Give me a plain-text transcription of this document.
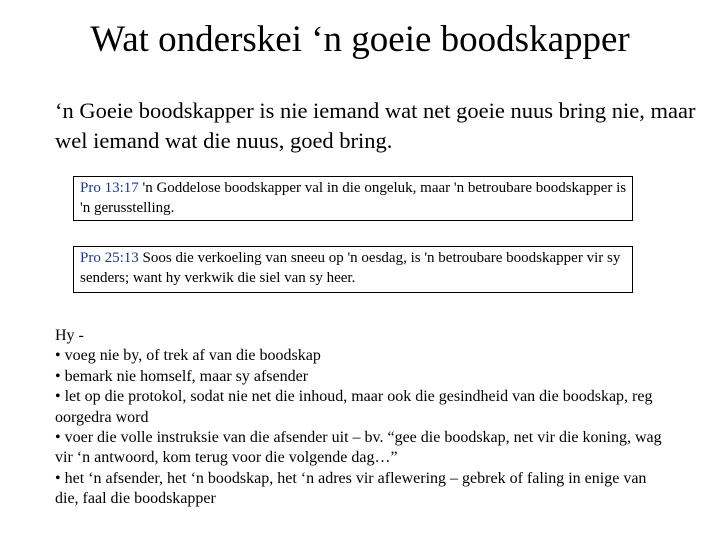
Wat onderskei ‘n goeie boodskapper
‘n Goeie boodskapper is nie iemand wat net goeie nuus bring nie, maar wel iemand wat die nuus, goed bring.
Pro 13:17 'n Goddelose boodskapper val in die ongeluk, maar 'n betroubare boodskapper is 'n gerusstelling.
Pro 25:13 Soos die verkoeling van sneeu op 'n oesdag, is 'n betroubare boodskapper vir sy senders; want hy verkwik die siel van sy heer.
Hy -
• voeg nie by, of trek af van die boodskap
• bemark nie homself, maar sy afsender
• let op die protokol, sodat nie net die inhoud, maar ook die gesindheid van die boodskap, reg oorgedra word
• voer die volle instruksie van die afsender uit – bv. “gee die boodskap, net vir die koning, wag vir ‘n antwoord, kom terug voor die volgende dag…”
• het ‘n afsender, het ‘n boodskap, het ‘n adres vir aflewering – gebrek of faling in enige van die, faal die boodskapper
